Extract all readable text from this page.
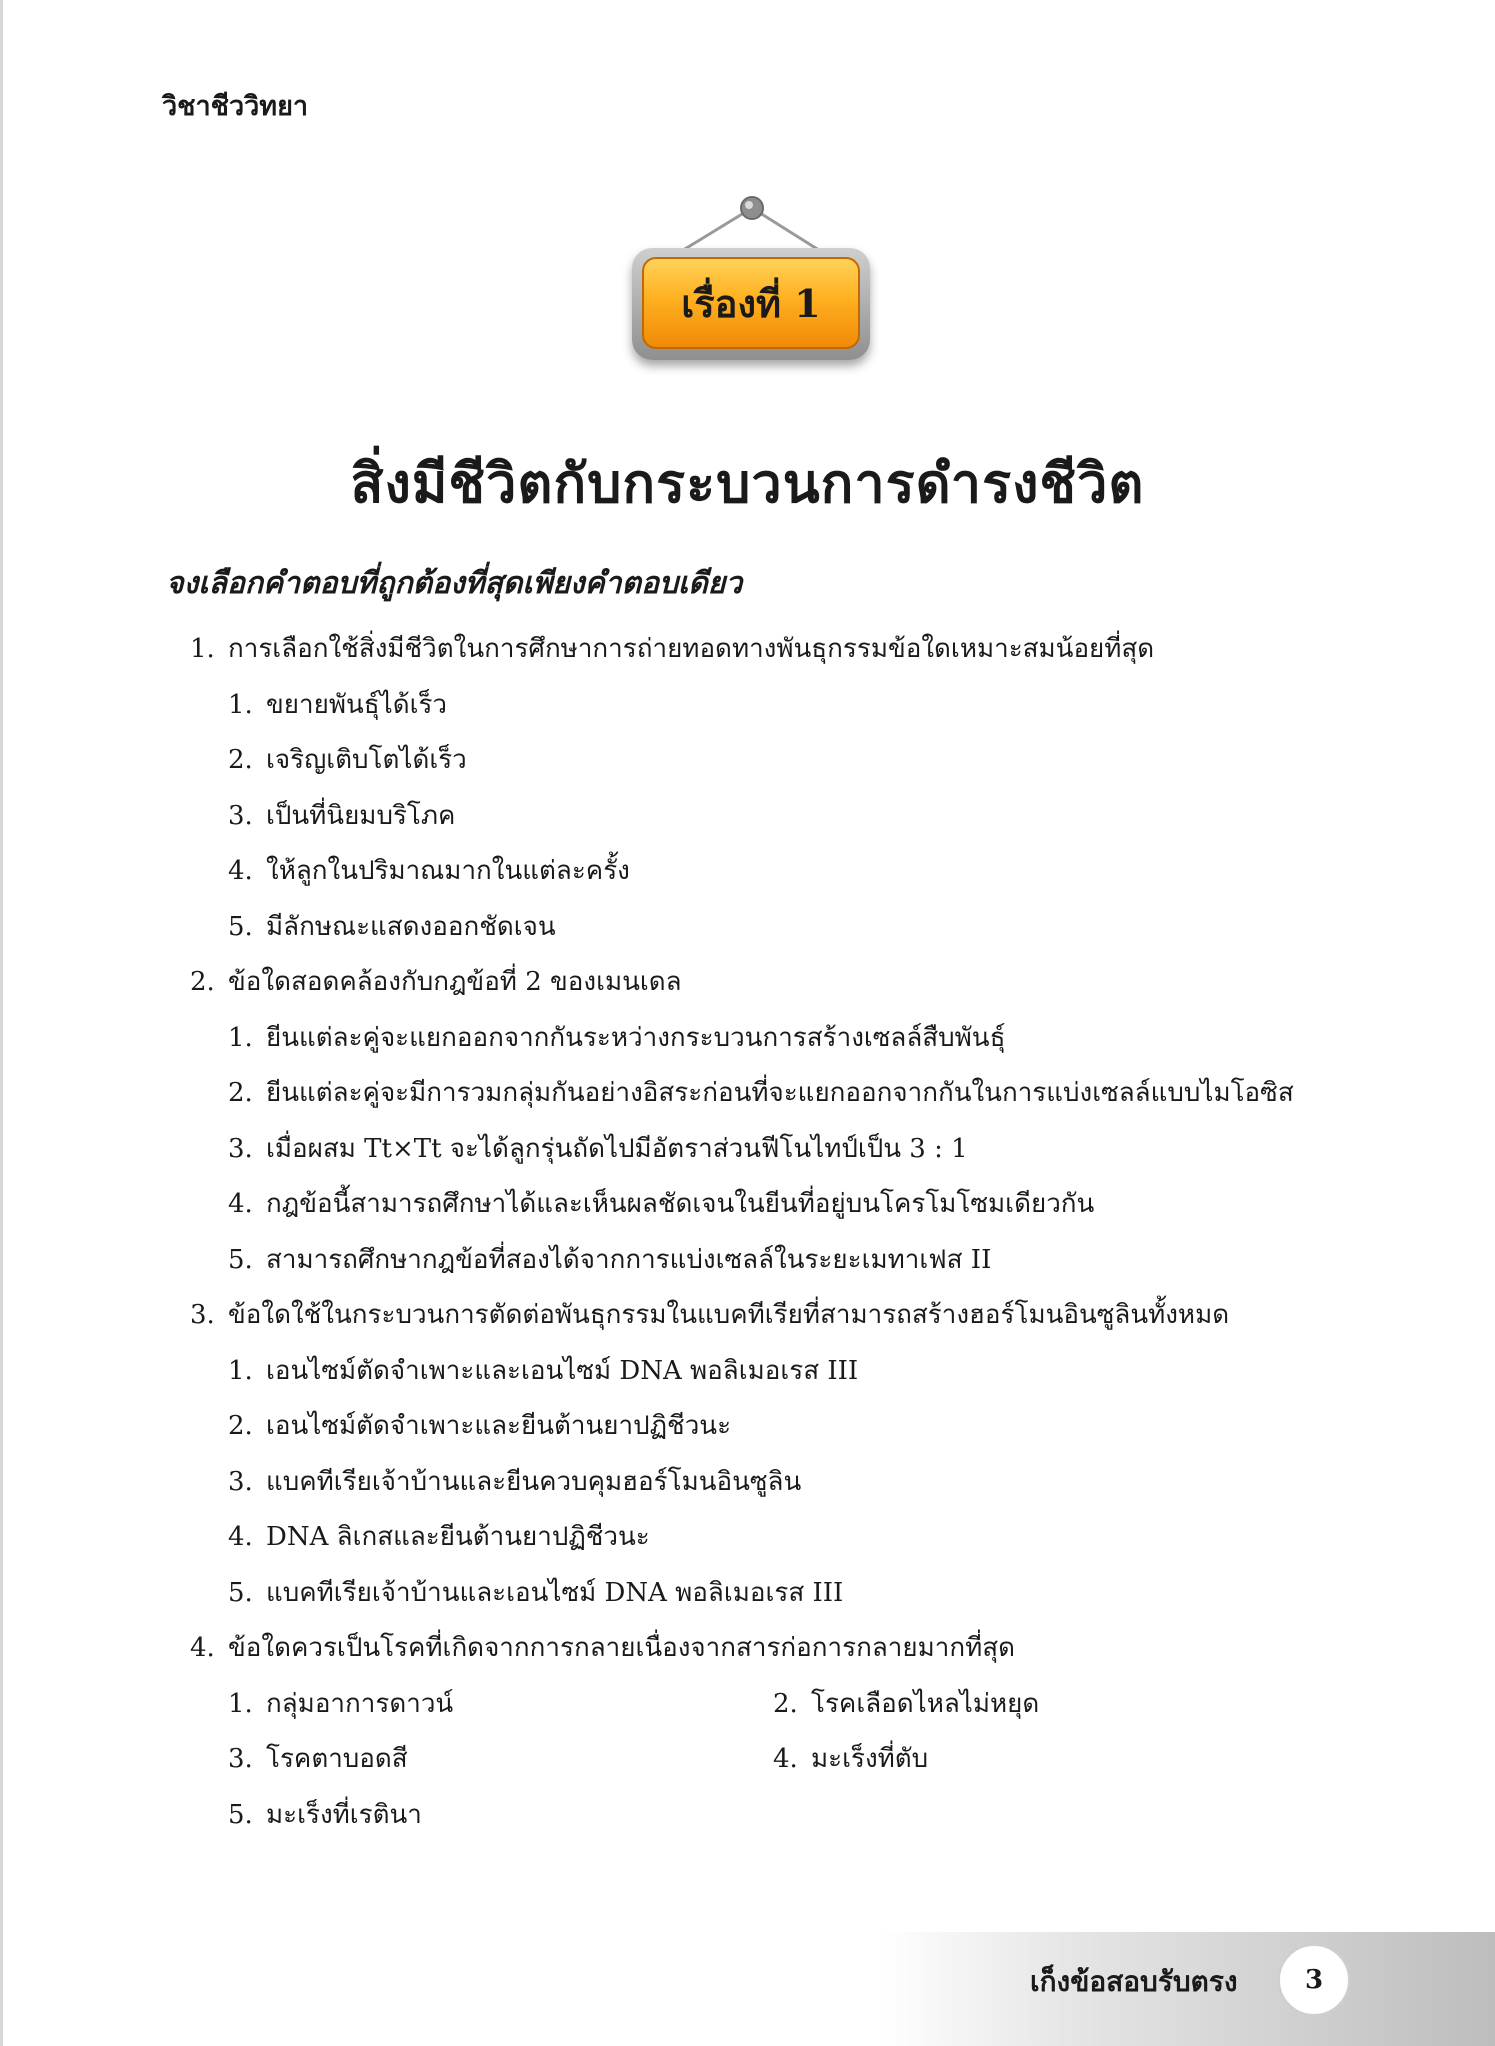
วิชาชีววิทยา
เรื่องที่ 1
สิ่งมีชีวิตกับกระบวนการดำรงชีวิต
จงเลือกคำตอบที่ถูกต้องที่สุดเพียงคำตอบเดียว
1. การเลือกใช้สิ่งมีชีวิตในการศึกษาการถ่ายทอดทางพันธุกรรมข้อใดเหมาะสมน้อยที่สุด
1. ขยายพันธุ์ได้เร็ว
2. เจริญเติบโตได้เร็ว
3. เป็นที่นิยมบริโภค
4. ให้ลูกในปริมาณมากในแต่ละครั้ง
5. มีลักษณะแสดงออกชัดเจน
2. ข้อใดสอดคล้องกับกฎข้อที่ 2 ของเมนเดล
1. ยีนแต่ละคู่จะแยกออกจากกันระหว่างกระบวนการสร้างเซลล์สืบพันธุ์
2. ยีนแต่ละคู่จะมีการวมกลุ่มกันอย่างอิสระก่อนที่จะแยกออกจากกันในการแบ่งเซลล์แบบไมโอซิส
3. เมื่อผสม Tt×Tt จะได้ลูกรุ่นถัดไปมีอัตราส่วนฟีโนไทป์เป็น 3 : 1
4. กฎข้อนี้สามารถศึกษาได้และเห็นผลชัดเจนในยีนที่อยู่บนโครโมโซมเดียวกัน
5. สามารถศึกษากฎข้อที่สองได้จากการแบ่งเซลล์ในระยะเมทาเฟส II
3. ข้อใดใช้ในกระบวนการตัดต่อพันธุกรรมในแบคทีเรียที่สามารถสร้างฮอร์โมนอินซูลินทั้งหมด
1. เอนไซม์ตัดจำเพาะและเอนไซม์ DNA พอลิเมอเรส III
2. เอนไซม์ตัดจำเพาะและยีนต้านยาปฏิชีวนะ
3. แบคทีเรียเจ้าบ้านและยีนควบคุมฮอร์โมนอินซูลิน
4. DNA ลิเกสและยีนต้านยาปฏิชีวนะ
5. แบคทีเรียเจ้าบ้านและเอนไซม์ DNA พอลิเมอเรส III
4. ข้อใดควรเป็นโรคที่เกิดจากการกลายเนื่องจากสารก่อการกลายมากที่สุด
1. กลุ่มอาการดาวน์	2. โรคเลือดไหลไม่หยุด
3. โรคตาบอดสี	4. มะเร็งที่ตับ
5. มะเร็งที่เรตินา
เก็งข้อสอบรับตรง	3
